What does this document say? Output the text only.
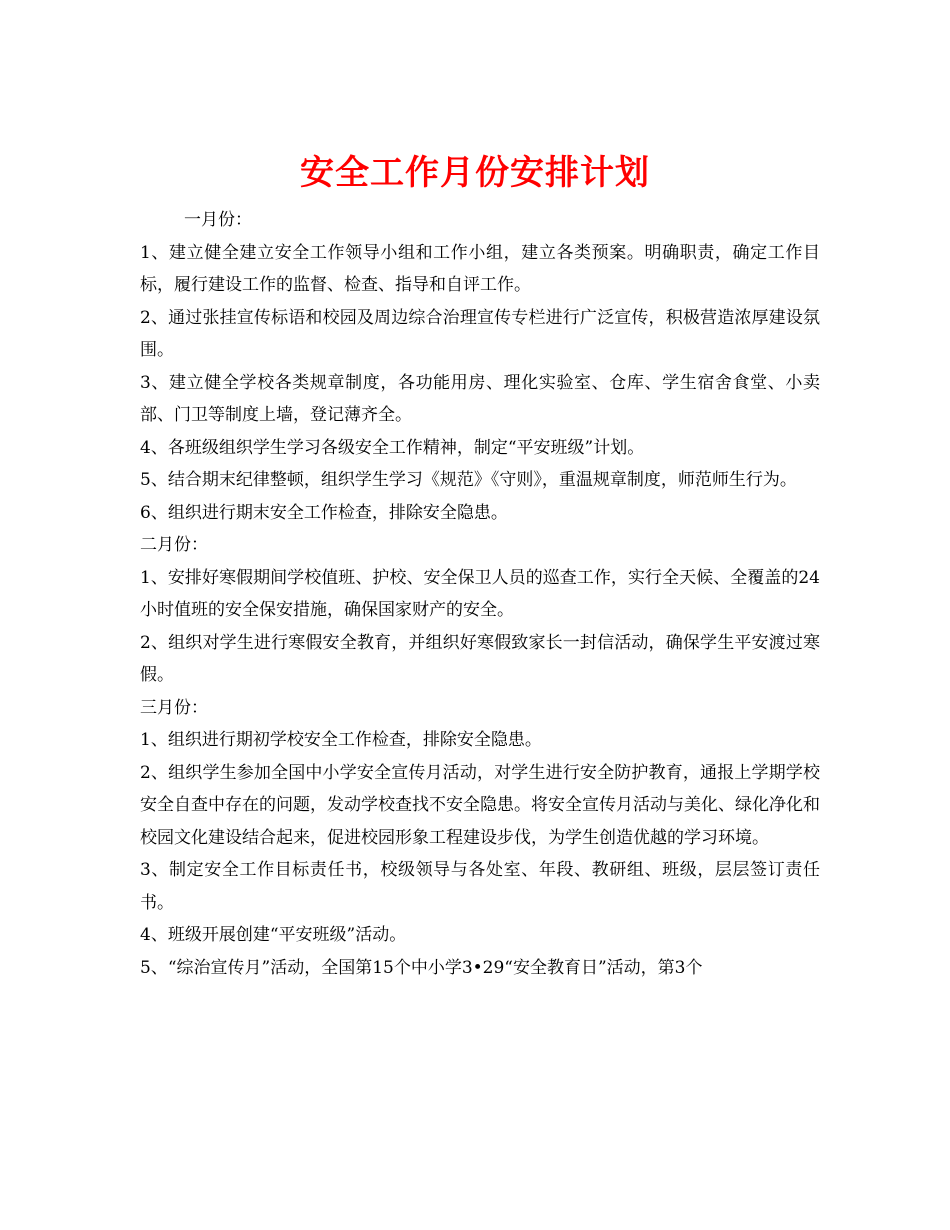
安全工作月份安排计划

一月份：

1、建立健全建立安全工作领导小组和工作小组，建立各类预案。明确职责，确定工作目标，履行建设工作的监督、检查、指导和自评工作。

2、通过张挂宣传标语和校园及周边综合治理宣传专栏进行广泛宣传，积极营造浓厚建设氛围。

3、建立健全学校各类规章制度，各功能用房、理化实验室、仓库、学生宿舍食堂、小卖部、门卫等制度上墙，登记薄齐全。

4、各班级组织学生学习各级安全工作精神，制定“平安班级”计划。

5、结合期末纪律整顿，组织学生学习《规范》《守则》，重温规章制度，师范师生行为。

6、组织进行期末安全工作检查，排除安全隐患。

二月份：

1、安排好寒假期间学校值班、护校、安全保卫人员的巡查工作，实行全天候、全覆盖的24小时值班的安全保安措施，确保国家财产的安全。

2、组织对学生进行寒假安全教育，并组织好寒假致家长一封信活动，确保学生平安渡过寒假。

三月份：

1、组织进行期初学校安全工作检查，排除安全隐患。

2、组织学生参加全国中小学安全宣传月活动，对学生进行安全防护教育，通报上学期学校安全自查中存在的问题，发动学校查找不安全隐患。将安全宣传月活动与美化、绿化净化和校园文化建设结合起来，促进校园形象工程建设步伐，为学生创造优越的学习环境。

3、制定安全工作目标责任书，校级领导与各处室、年段、教研组、班级，层层签订责任书。

4、班级开展创建“平安班级”活动。

5、“综治宣传月”活动，全国第15个中小学3•29“安全教育日”活动，第3个
